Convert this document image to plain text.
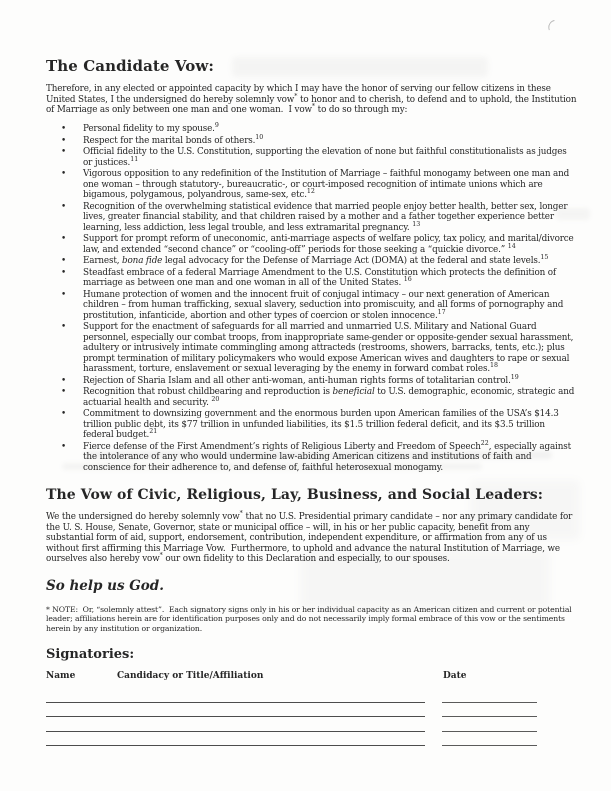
The Candidate Vow:

Therefore, in any elected or appointed capacity by which I may have the honor of serving our fellow citizens in these United States, I the undersigned do hereby solemnly vow* to honor and to cherish, to defend and to uphold, the Institution of Marriage as only between one man and one woman.  I vow* to do so through my:

•	Personal fidelity to my spouse.$^9$
•	Respect for the marital bonds of others.$^{10}$
•	Official fidelity to the U.S. Constitution, supporting the elevation of none but faithful constitutionalists as judges or justices.$^{11}$
•	Vigorous opposition to any redefinition of the Institution of Marriage – faithful monogamy between one man and one woman – through statutory-, bureaucratic-, or court-imposed recognition of intimate unions which are bigamous, polygamous, polyandrous, same-sex, etc.$^{12}$
•	Recognition of the overwhelming statistical evidence that married people enjoy better health, better sex, longer lives, greater financial stability, and that children raised by a mother and a father together experience better learning, less addiction, less legal trouble, and less extramarital pregnancy. $^{13}$
•	Support for prompt reform of uneconomic, anti-marriage aspects of welfare policy, tax policy, and marital/divorce law, and extended “second chance” or “cooling-off” periods for those seeking a “quickie divorce.” $^{14}$
•	Earnest, bona fide legal advocacy for the Defense of Marriage Act (DOMA) at the federal and state levels.$^{15}$
•	Steadfast embrace of a federal Marriage Amendment to the U.S. Constitution which protects the definition of marriage as between one man and one woman in all of the United States. $^{16}$
•	Humane protection of women and the innocent fruit of conjugal intimacy – our next generation of American children – from human trafficking, sexual slavery, seduction into promiscuity, and all forms of pornography and prostitution, infanticide, abortion and other types of coercion or stolen innocence.$^{17}$
•	Support for the enactment of safeguards for all married and unmarried U.S. Military and National Guard personnel, especially our combat troops, from inappropriate same-gender or opposite-gender sexual harassment, adultery or intrusively intimate commingling among attracteds (restrooms, showers, barracks, tents, etc.); plus prompt termination of military policymakers who would expose American wives and daughters to rape or sexual harassment, torture, enslavement or sexual leveraging by the enemy in forward combat roles.$^{18}$
•	Rejection of Sharia Islam and all other anti-woman, anti-human rights forms of totalitarian control.$^{19}$
•	Recognition that robust childbearing and reproduction is beneficial to U.S. demographic, economic, strategic and actuarial health and security. $^{20}$
•	Commitment to downsizing government and the enormous burden upon American families of the USA’s $14.3 trillion public debt, its $77 trillion in unfunded liabilities, its $1.5 trillion federal deficit, and its $3.5 trillion federal budget.$^{21}$
•	Fierce defense of the First Amendment’s rights of Religious Liberty and Freedom of Speech$^{22}$, especially against the intolerance of any who would undermine law-abiding American citizens and institutions of faith and conscience for their adherence to, and defense of, faithful heterosexual monogamy.
The Vow of Civic, Religious, Lay, Business, and Social Leaders:

We the undersigned do hereby solemnly vow* that no U.S. Presidential primary candidate – nor any primary candidate for the U. S. House, Senate, Governor, state or municipal office – will, in his or her public capacity, benefit from any substantial form of aid, support, endorsement, contribution, independent expenditure, or affirmation from any of us without first affirming this Marriage Vow.  Furthermore, to uphold and advance the natural Institution of Marriage, we ourselves also hereby vow* our own fidelity to this Declaration and especially, to our spouses.

So help us God.

* NOTE:  Or, “solemnly attest”.  Each signatory signs only in his or her individual capacity as an American citizen and current or potential leader; affiliations herein are for identification purposes only and do not necessarily imply formal embrace of this vow or the sentiments herein by any institution or organization.

Signatories:
Name	Candidacy or Title/Affiliation	Date
